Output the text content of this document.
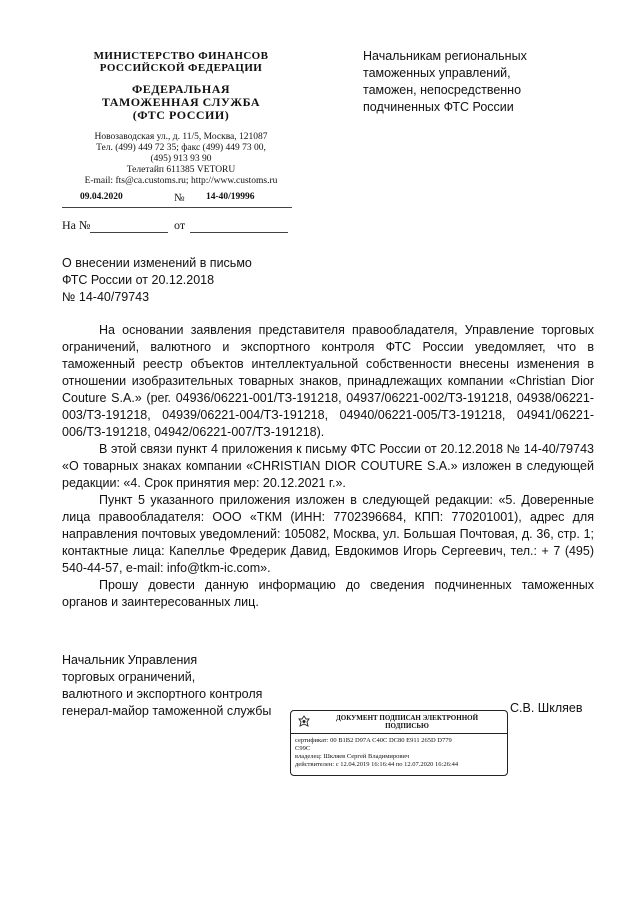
МИНИСТЕРСТВО ФИНАНСОВ
РОССИЙСКОЙ ФЕДЕРАЦИИ
ФЕДЕРАЛЬНАЯ
ТАМОЖЕННАЯ СЛУЖБА
(ФТС РОССИИ)
Новозаводская ул., д. 11/5, Москва, 121087
Тел. (499) 449 72 35; факс (499) 449 73 00,
(495) 913 93 90
Телетайп 611385 VETORU
E-mail: fts@ca.customs.ru; http://www.customs.ru
09.04.2020	№ 14-40/19996
На №	от
Начальникам региональных
таможенных управлений,
таможен, непосредственно
подчиненных ФТС России
О внесении изменений в письмо
ФТС России от 20.12.2018
№ 14-40/79743

На основании заявления представителя правообладателя, Управление торговых ограничений, валютного и экспортного контроля ФТС России уведомляет, что в таможенный реестр объектов интеллектуальной собственности внесены изменения в отношении изобразительных товарных знаков, принадлежащих компании «Christian Dior Couture S.A.» (рег. 04936/06221-001/ТЗ-191218, 04937/06221-002/ТЗ-191218, 04938/06221-003/ТЗ-191218, 04939/06221-004/ТЗ-191218, 04940/06221-005/ТЗ-191218, 04941/06221-006/ТЗ-191218, 04942/06221-007/ТЗ-191218).

В этой связи пункт 4 приложения к письму ФТС России от 20.12.2018 № 14-40/79743 «О товарных знаках компании «CHRISTIAN DIOR COUTURE S.A.» изложен в следующей редакции: «4. Срок принятия мер: 20.12.2021 г.».

Пункт 5 указанного приложения изложен в следующей редакции: «5. Доверенные лица правообладателя: ООО «ТКМ (ИНН: 7702396684, КПП: 770201001), адрес для направления почтовых уведомлений: 105082, Москва, ул. Большая Почтовая, д. 36, стр. 1; контактные лица: Капеллье Фредерик Давид, Евдокимов Игорь Сергеевич, тел.: + 7 (495) 540-44-57, e-mail: info@tkm-ic.com».

Прошу довести данную информацию до сведения подчиненных таможенных органов и заинтересованных лиц.

Начальник Управления
торговых ограничений,
валютного и экспортного контроля
генерал-майор таможенной службы	С.В. Шкляев
ДОКУМЕНТ ПОДПИСАН ЭЛЕКТРОННОЙ
ПОДПИСЬЮ
сертификат: 00 B1B2 D97A C40C DC80 E911 265D D779
C99C
владелец: Шкляев Сергей Владимирович
действителен: с 12.04.2019 16:16:44 по 12.07.2020 16:26:44
